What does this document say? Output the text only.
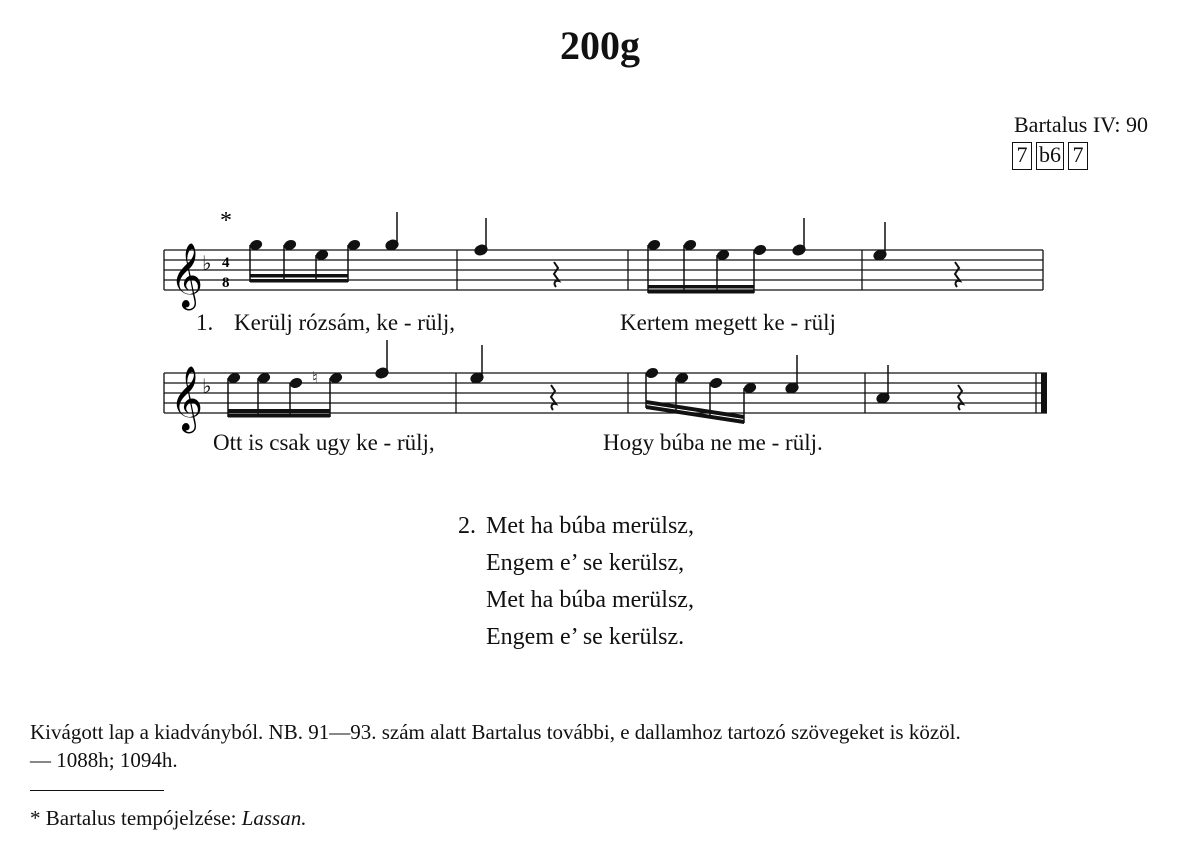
200g
Bartalus IV: 90
7 b6 7
*
𝄞
♭ 4
8
𝄞
♭	♮
1. Kerülj rózsám, ke - rülj,	Kertem megett ke - rülj
Ott is csak ugy ke - rülj,	Hogy búba ne me - rülj.
2. Met ha búba merülsz,
Engem e’ se kerülsz,
Met ha búba merülsz,
Engem e’ se kerülsz.
Kivágott lap a kiadványból. NB. 91—93. szám alatt Bartalus további, e dallamhoz tartozó szövegeket is közöl.
— 1088h; 1094h.
* Bartalus tempójelzése: Lassan.
